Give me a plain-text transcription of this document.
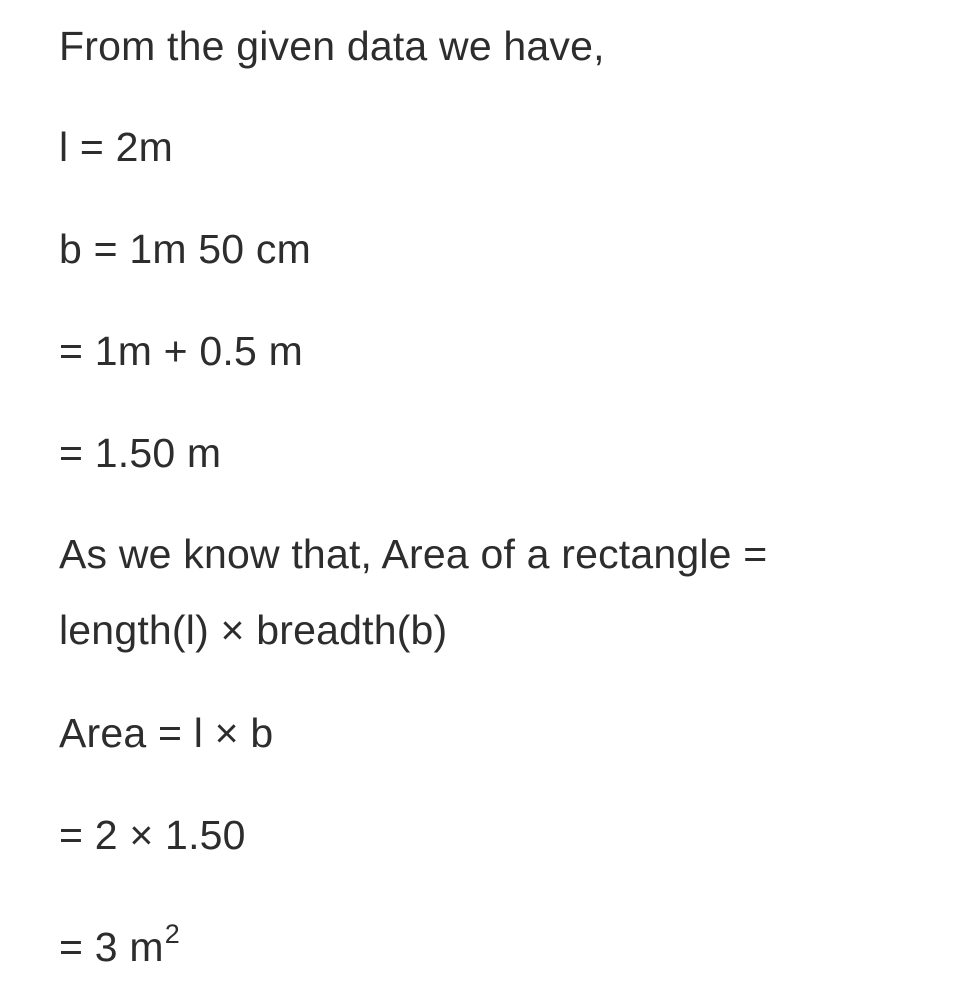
From the given data we have,
l = 2m
b = 1m 50 cm
= 1m + 0.5 m
= 1.50 m
As we know that, Area of a rectangle =
length(l) × breadth(b)
Area = l × b
= 2 × 1.50
= 3 $m^2$
